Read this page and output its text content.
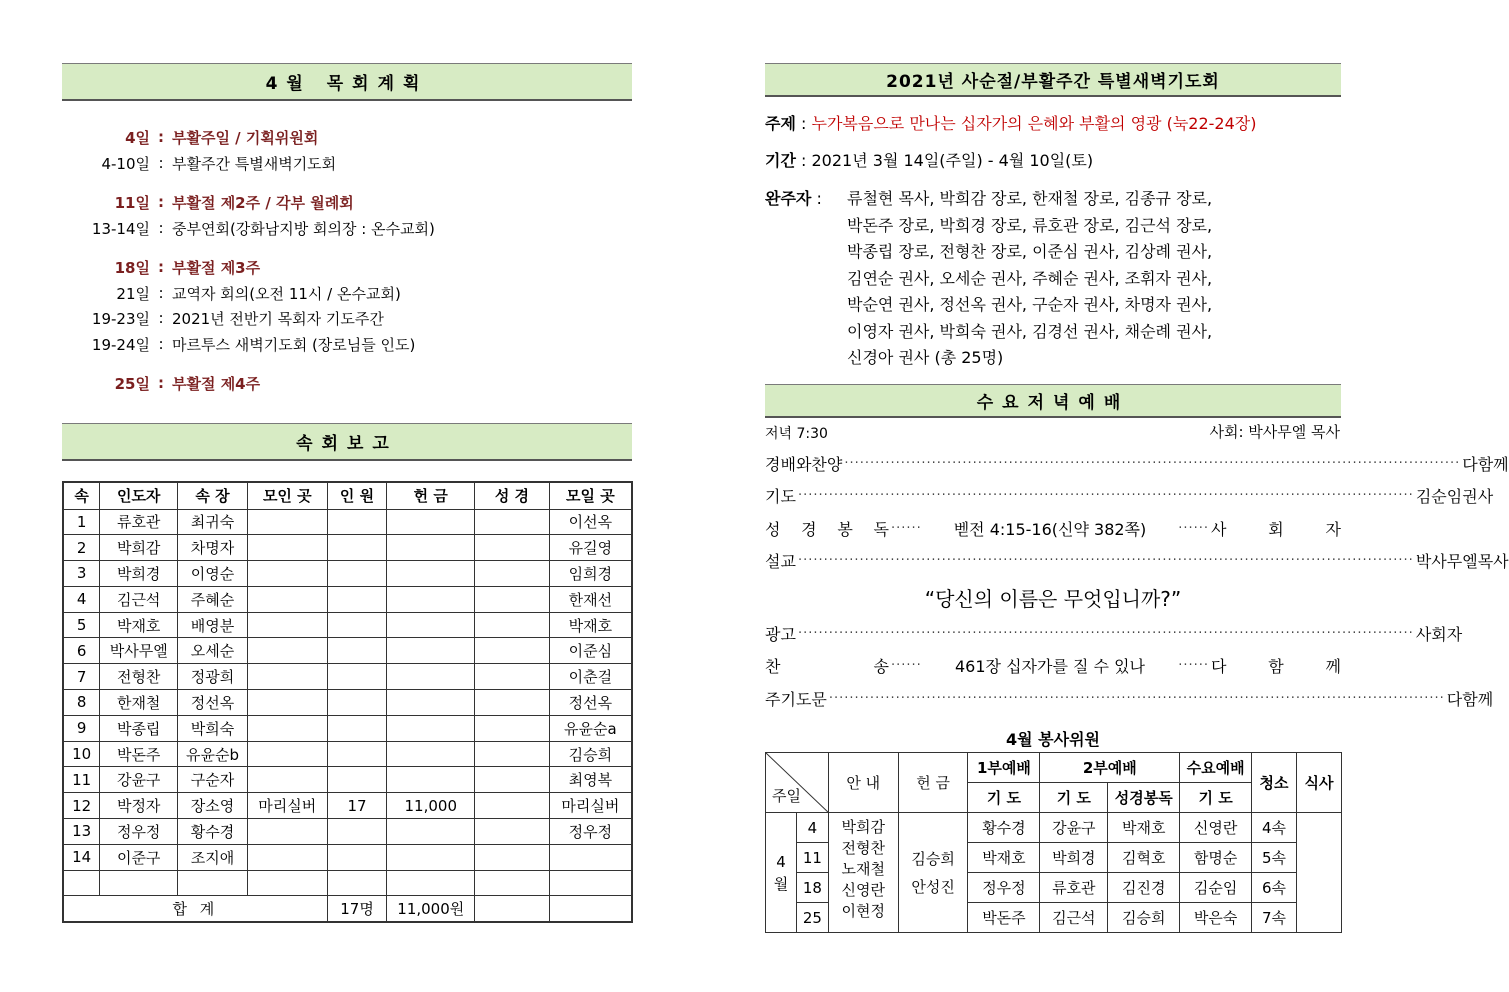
4월 목회계획
4일 : 부활주일 / 기획위원회
4-10일 : 부활주간 특별새벽기도회
11일 : 부활절 제2주 / 각부 월례회
13-14일 : 중부연회(강화남지방 회의장 : 온수교회)
18일 : 부활절 제3주
21일 : 교역자 회의(오전 11시 / 온수교회)
19-23일 : 2021년 전반기 목회자 기도주간
19-24일 : 마르투스 새벽기도회 (장로님들 인도)
25일 : 부활절 제4주
속회보고
속	인도자	속 장	모인 곳	인 원	헌 금	성 경	모일 곳
1	류호관	최귀숙					이선옥
2	박희감	차명자					유길영
3	박희경	이영순					임희경
4	김근석	주혜순					한재선
5	박재호	배영분					박재호
6	박사무엘	오세순					이준심
7	전형찬	정광희					이춘걸
8	한재철	정선옥					정선옥
9	박종립	박희숙					유윤순a
10	박돈주	유윤순b					김승희
11	강윤구	구순자					최영복
12	박정자	장소영	마리실버	17	11,000		마리실버
13	정우정	황수경					정우정
14	이준구	조지애					

합 계				17명	11,000원		
2021년 사순절/부활주간 특별새벽기도회
주제 : 누가복음으로 만나는 십자가의 은혜와 부활의 영광 (눅22-24장)
기간 : 2021년 3월 14일(주일) - 4월 10일(토)
완주자 : 류철현 목사, 박희감 장로, 한재철 장로, 김종규 장로,
박돈주 장로, 박희경 장로, 류호관 장로, 김근석 장로,
박종립 장로, 전형찬 장로, 이준심 권사, 김상례 권사,
김연순 권사, 오세순 권사, 주혜순 권사, 조휘자 권사,
박순연 권사, 정선옥 권사, 구순자 권사, 차명자 권사,
이영자 권사, 박희숙 권사, 김경선 권사, 채순례 권사,
신경아 권사 (총 25명)
수요저녁예배
저녁 7:30	사회: 박사무엘 목사
경 배 와 찬 양 ························································································································ 다 함 께
기 도 ························································································································ 김 순 임 권 사
성 경 봉 독 ······	벧전 4:15-16(신약 382쪽)	······ 사	회	자
설 교 ························································································································ 박 사 무 엘 목 사
“당신의 이름은 무엇입니까?”
광 고 ························································································································ 사 회 자
찬	송 ······	461장 십자가를 질 수 있나	······ 다	함	께
주 기 도 문 ························································································································ 다 함 께
4월 봉사위원
주일		안 내	헌 금	1부예배	2부예배		수요예배	청소	식사
				기 도	기 도	성경봉독	기 도		
4 월	4	박희감 전형찬 노재철 신영란 이현정	김승희 안성진	황수경	강윤구	박재호	신영란	4속	
	11			박재호	박희경	김혁호	함명순	5속	
	18			정우정	류호관	김진경	김순임	6속	
	25			박돈주	김근석	김승희	박은숙	7속	
